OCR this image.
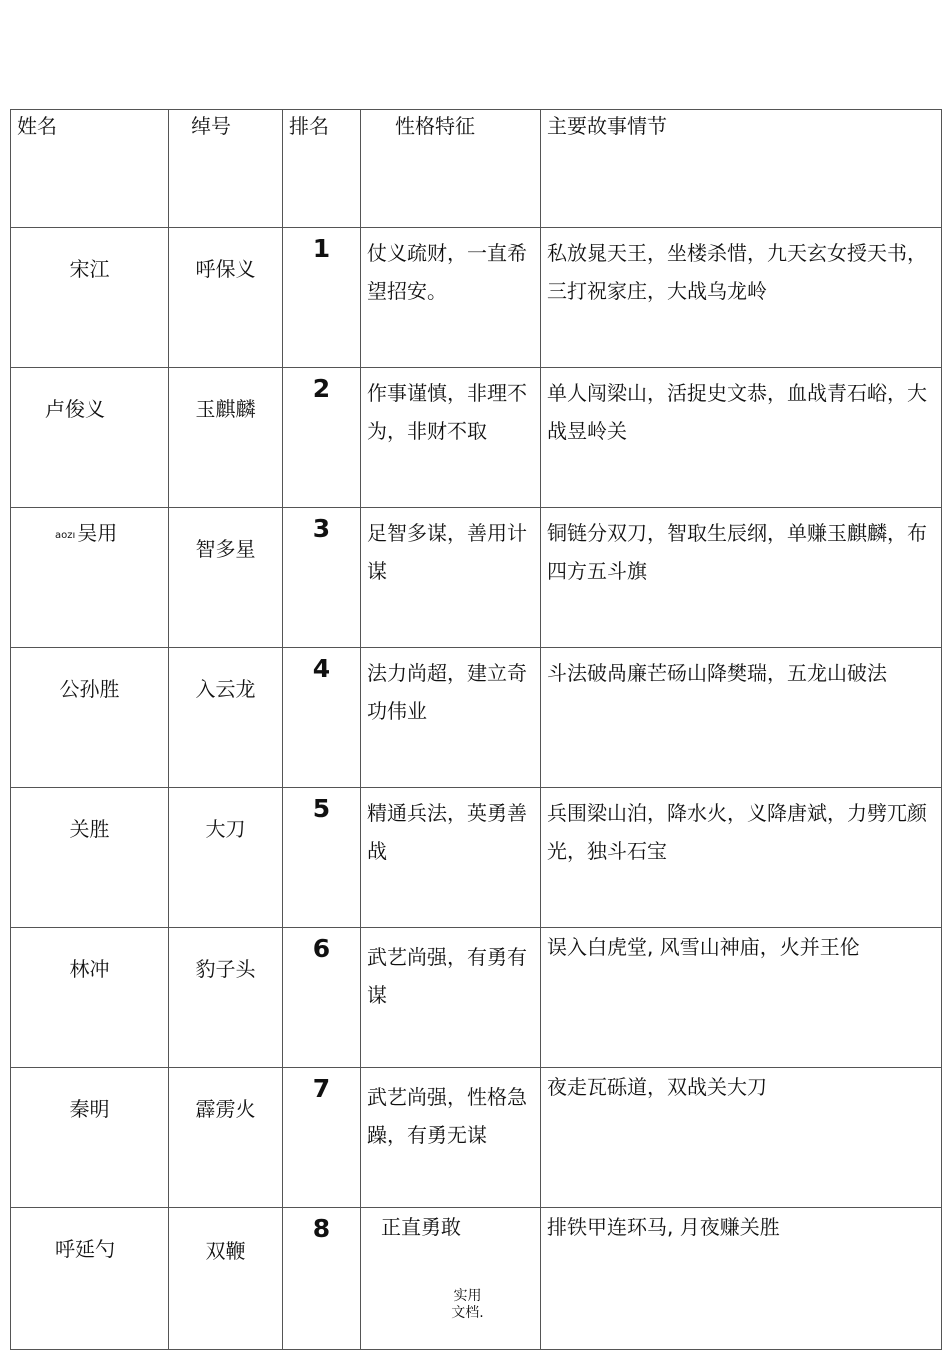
姓名	绰号	排名	性格特征	主要故事情节

宋江	呼保义	1	仗义疏财，一直希望招安。	私放晁天王，坐楼杀惜，九天玄女授天书，三打祝家庄，大战乌龙岭
卢俊义	玉麒麟	2	作事谨慎，非理不为，非财不取	单人闯梁山，活捉史文恭，血战青石峪，大战昱岭关
aozı 吴用	智多星	3	足智多谋，善用计谋	铜链分双刀，智取生辰纲，单赚玉麒麟，布四方五斗旗
公孙胜	入云龙	4	法力尚超，建立奇功伟业	斗法破咼廉芒砀山降樊瑞，五龙山破法
关胜	大刀	5	精通兵法，英勇善战	兵围梁山泊，降水火，义降唐斌，力劈兀颜光，独斗石宝
林冲	豹子头	6	武艺尚强，有勇有谋	误入白虎堂, 风雪山神庙，火并王伦
秦明	霹雳火	7	武艺尚强，性格急躁，有勇无谋	夜走瓦砾道，双战关大刀
呼延勺	双鞭	8	正直勇敢	排铁甲连环马, 月夜赚关胜
实用
文档.
